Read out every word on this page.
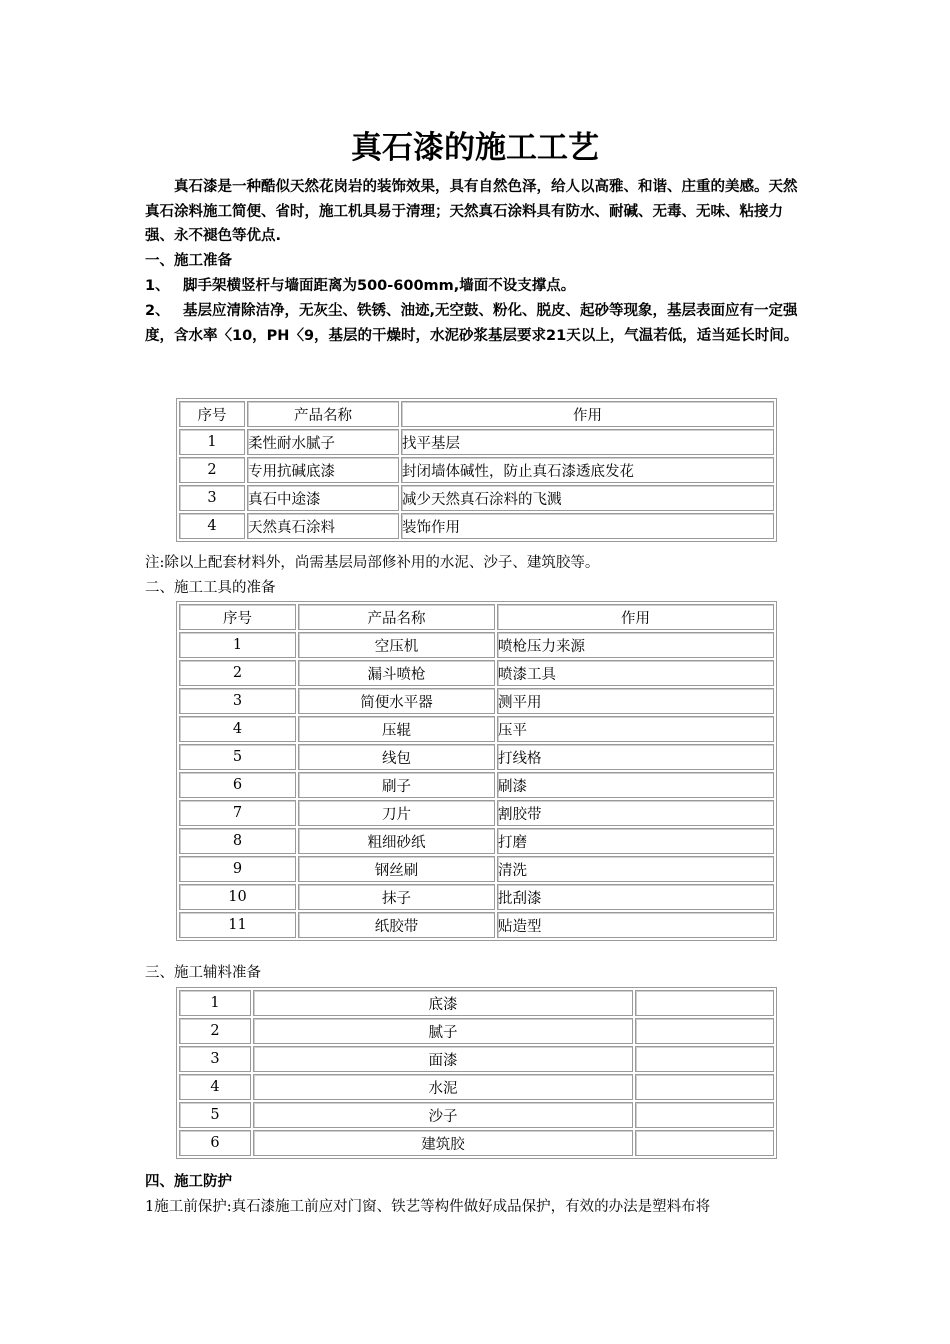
真石漆的施工工艺

真石漆是一种酷似天然花岗岩的装饰效果，具有自然色泽，给人以高雅、和谐、庄重的美感。天然真石涂料施工简便、省时，施工机具易于清理；天然真石涂料具有防水、耐碱、无毒、无味、粘接力强、永不褪色等优点.

一、施工准备

1、 脚手架横竖杆与墙面距离为500-600mm,墙面不设支撑点。

2、 基层应清除洁净，无灰尘、铁锈、油迹,无空鼓、粉化、脱皮、起砂等现象，基层表面应有一定强度，含水率〈10，PH〈9，基层的干燥时，水泥砂浆基层要求21天以上，气温若低，适当延长时间。

序号	产品名称	作用
1	柔性耐水腻子	找平基层
2	专用抗碱底漆	封闭墙体碱性，防止真石漆透底发花
3	真石中途漆	减少天然真石涂料的飞溅
4	天然真石涂料	装饰作用

注:除以上配套材料外，尚需基层局部修补用的水泥、沙子、建筑胶等。

二、施工工具的准备

序号	产品名称	作用
1	空压机	喷枪压力来源
2	漏斗喷枪	喷漆工具
3	简便水平器	测平用
4	压辊	压平
5	线包	打线格
6	刷子	刷漆
7	刀片	割胶带
8	粗细砂纸	打磨
9	钢丝刷	清洗
10	抹子	批刮漆
11	纸胶带	贴造型

三、施工辅料准备

1	底漆	
2	腻子	
3	面漆	
4	水泥	
5	沙子	
6	建筑胶	

四、施工防护

1施工前保护:真石漆施工前应对门窗、铁艺等构件做好成品保护，有效的办法是塑料布将
